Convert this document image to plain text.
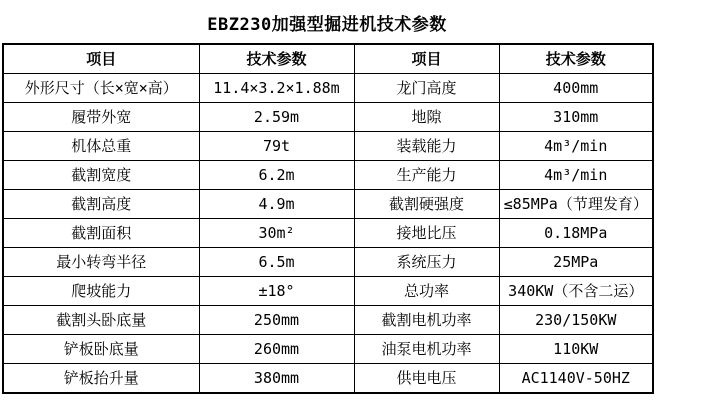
EBZ230加强型掘进机技术参数
项目	技术参数	项目	技术参数
外形尺寸（长×宽×高）	11.4×3.2×1.88m	龙门高度	400mm
履带外宽	2.59m	地隙	310mm
机体总重	79t	装载能力	4m³/min
截割宽度	6.2m	生产能力	4m³/min
截割高度	4.9m	截割硬强度	≤85MPa（节理发育）
截割面积	30m²	接地比压	0.18MPa
最小转弯半径	6.5m	系统压力	25MPa
爬坡能力	±18°	总功率	340KW（不含二运）
截割头卧底量	250mm	截割电机功率	230/150KW
铲板卧底量	260mm	油泵电机功率	110KW
铲板抬升量	380mm	供电电压	AC1140V-50HZ
